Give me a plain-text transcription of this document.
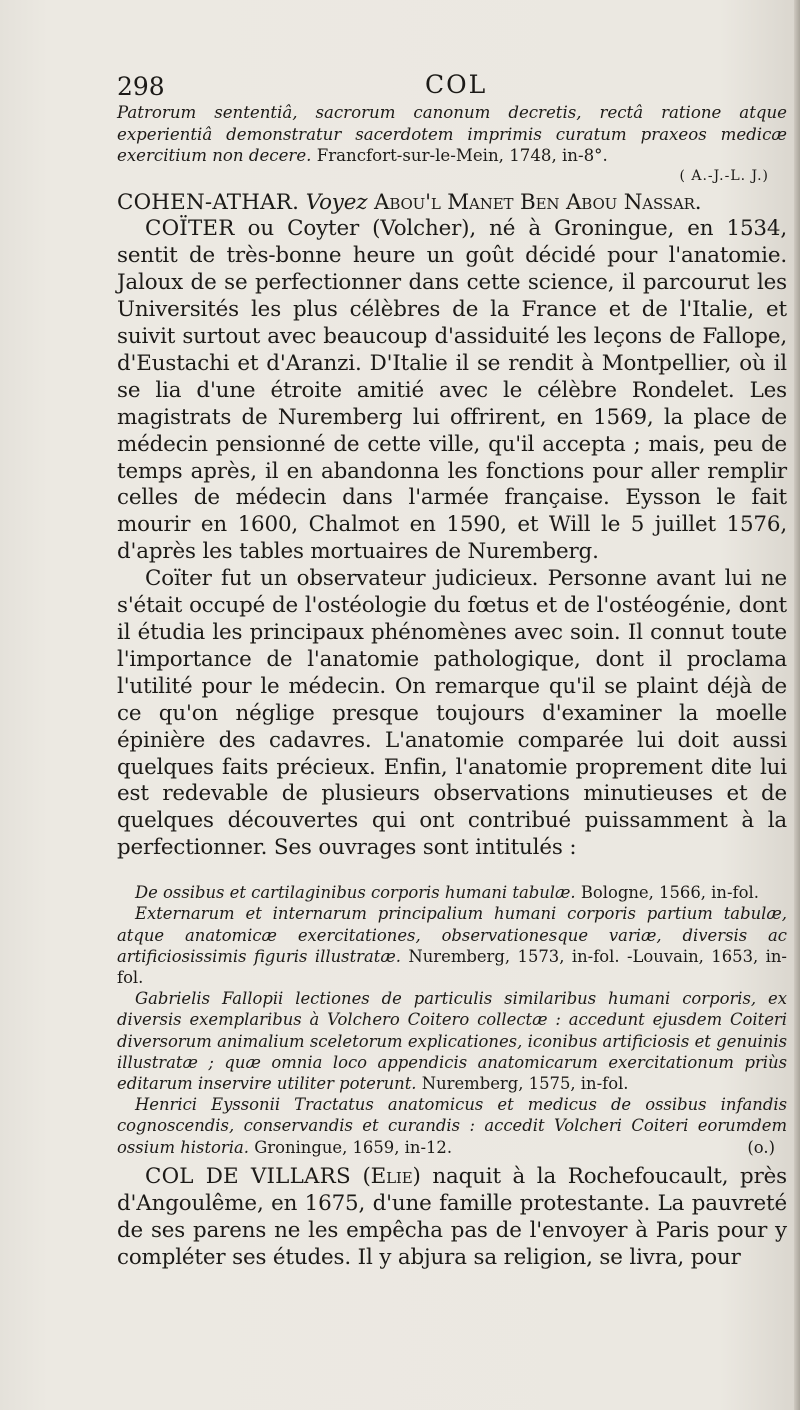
298	COL

Patrorum sententiâ, sacrorum canonum decretis, rectâ ratione atque experientiâ demonstratur sacerdotem imprimis curatum praxeos medicæ exercitium non decere. Francfort-sur-le-Mein, 1748, in-8°.

( A.-J.-L. J.)

COHEN-ATHAR. Voyez Abou'l Manet Ben Abou Nassar.

COÏTER ou Coyter (Volcher), né à Groningue, en 1534, sentit de très-bonne heure un goût décidé pour l'anatomie. Jaloux de se perfectionner dans cette science, il parcourut les Universités les plus célèbres de la France et de l'Italie, et suivit surtout avec beaucoup d'assiduité les leçons de Fallope, d'Eustachi et d'Aranzi. D'Italie il se rendit à Montpellier, où il se lia d'une étroite amitié avec le célèbre Rondelet. Les magistrats de Nuremberg lui offrirent, en 1569, la place de médecin pensionné de cette ville, qu'il accepta ; mais, peu de temps après, il en abandonna les fonctions pour aller remplir celles de médecin dans l'armée française. Eysson le fait mourir en 1600, Chalmot en 1590, et Will le 5 juillet 1576, d'après les tables mortuaires de Nuremberg.

Coïter fut un observateur judicieux. Personne avant lui ne s'était occupé de l'ostéologie du fœtus et de l'ostéogénie, dont il étudia les principaux phénomènes avec soin. Il connut toute l'importance de l'anatomie pathologique, dont il proclama l'utilité pour le médecin. On remarque qu'il se plaint déjà de ce qu'on néglige presque toujours d'examiner la moelle épinière des cadavres. L'anatomie comparée lui doit aussi quelques faits précieux. Enfin, l'anatomie proprement dite lui est redevable de plusieurs observations minutieuses et de quelques découvertes qui ont contribué puissamment à la perfectionner. Ses ouvrages sont intitulés :

De ossibus et cartilaginibus corporis humani tabulæ. Bologne, 1566, in-fol.

Externarum et internarum principalium humani corporis partium tabulæ, atque anatomicæ exercitationes, observationesque variæ, diversis ac artificiosissimis figuris illustratæ. Nuremberg, 1573, in-fol. -Louvain, 1653, in-fol.

Gabrielis Fallopii lectiones de particulis similaribus humani corporis, ex diversis exemplaribus à Volchero Coitero collectæ : accedunt ejusdem Coiteri diversorum animalium sceletorum explicationes, iconibus artificiosis et genuinis illustratæ ; quæ omnia loco appendicis anatomicarum exercitationum priùs editarum inservire utiliter poterunt. Nuremberg, 1575, in-fol.

Henrici Eyssonii Tractatus anatomicus et medicus de ossibus infandis cognoscendis, conservandis et curandis : accedit Volcheri Coiteri eorumdem ossium historia. Groningue, 1659, in-12.	(o.)

COL DE VILLARS (Elie) naquit à la Rochefoucault, près d'Angoulême, en 1675, d'une famille protestante. La pauvreté de ses parens ne les empêcha pas de l'envoyer à Paris pour y compléter ses études. Il y abjura sa religion, se livra, pour
